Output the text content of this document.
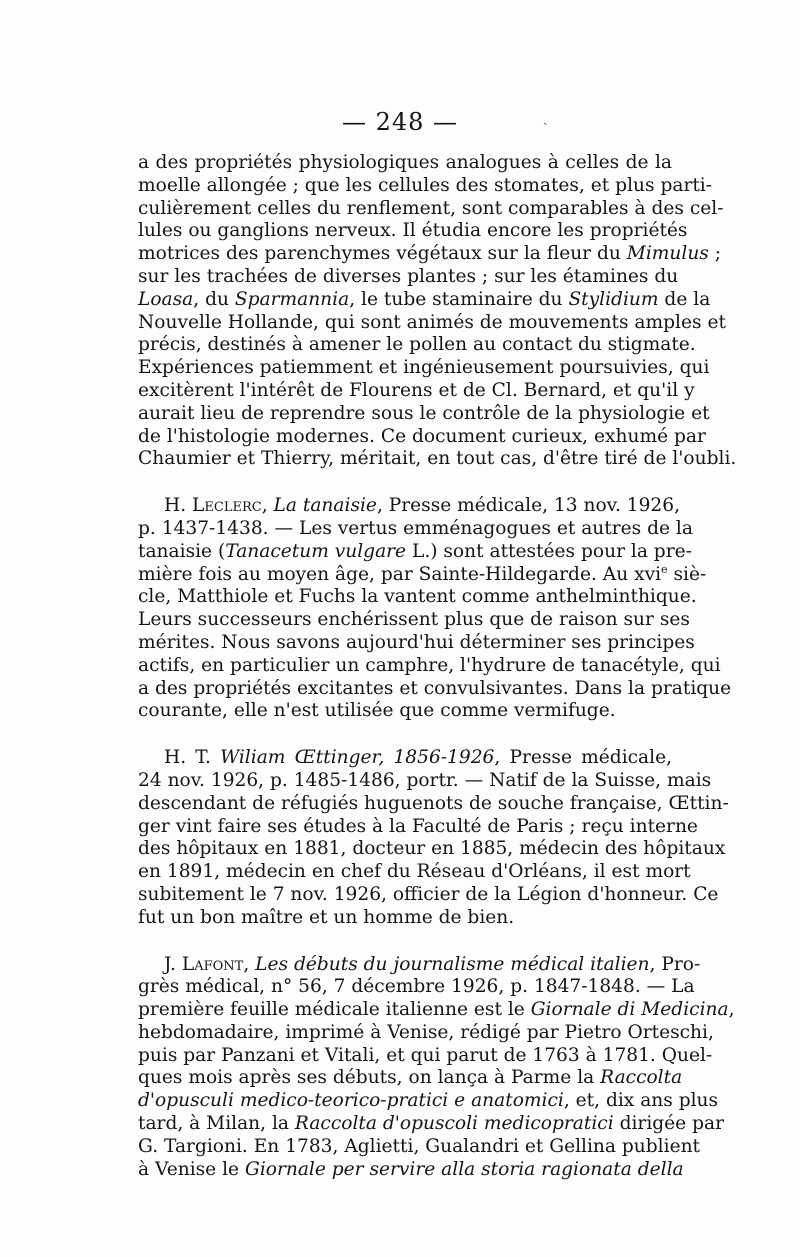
— 248 —	ˏ
a des propriétés physiologiques analogues à celles de la
moelle allongée ; que les cellules des stomates, et plus parti-
culièrement celles du renflement, sont comparables à des cel-
lules ou ganglions nerveux. Il étudia encore les propriétés
motrices des parenchymes végétaux sur la fleur du Mimulus ;
sur les trachées de diverses plantes ; sur les étamines du
Loasa, du Sparmannia, le tube staminaire du Stylidium de la
Nouvelle Hollande, qui sont animés de mouvements amples et
précis, destinés à amener le pollen au contact du stigmate.
Expériences patiemment et ingénieusement poursuivies, qui
excitèrent l'intérêt de Flourens et de Cl. Bernard, et qu'il y
aurait lieu de reprendre sous le contrôle de la physiologie et
de l'histologie modernes. Ce document curieux, exhumé par
Chaumier et Thierry, méritait, en tout cas, d'être tiré de l'oubli.
H. Leclerc, La tanaisie, Presse médicale, 13 nov. 1926,
p. 1437-1438. — Les vertus emménagogues et autres de la
tanaisie (Tanacetum vulgare L.) sont attestées pour la pre-
mière fois au moyen âge, par Sainte-Hildegarde. Au xvi$^e$ siè-
cle, Matthiole et Fuchs la vantent comme anthelminthique.
Leurs successeurs enchérissent plus que de raison sur ses
mérites. Nous savons aujourd'hui déterminer ses principes
actifs, en particulier un camphre, l'hydrure de tanacétyle, qui
a des propriétés excitantes et convulsivantes. Dans la pratique
courante, elle n'est utilisée que comme vermifuge.
H. T. Wiliam Œttinger, 1856-1926, Presse médicale,
24 nov. 1926, p. 1485-1486, portr. — Natif de la Suisse, mais
descendant de réfugiés huguenots de souche française, Œttin-
ger vint faire ses études à la Faculté de Paris ; reçu interne
des hôpitaux en 1881, docteur en 1885, médecin des hôpitaux
en 1891, médecin en chef du Réseau d'Orléans, il est mort
subitement le 7 nov. 1926, officier de la Légion d'honneur. Ce
fut un bon maître et un homme de bien.
J. Lafont, Les débuts du journalisme médical italien, Pro-
grès médical, n° 56, 7 décembre 1926, p. 1847-1848. — La
première feuille médicale italienne est le Giornale di Medicina,
hebdomadaire, imprimé à Venise, rédigé par Pietro Orteschi,
puis par Panzani et Vitali, et qui parut de 1763 à 1781. Quel-
ques mois après ses débuts, on lança à Parme la Raccolta
d'opusculi medico-teorico-pratici e anatomici, et, dix ans plus
tard, à Milan, la Raccolta d'opuscoli medicopratici dirigée par
G. Targioni. En 1783, Aglietti, Gualandri et Gellina publient
à Venise le Giornale per servire alla storia ragionata della
